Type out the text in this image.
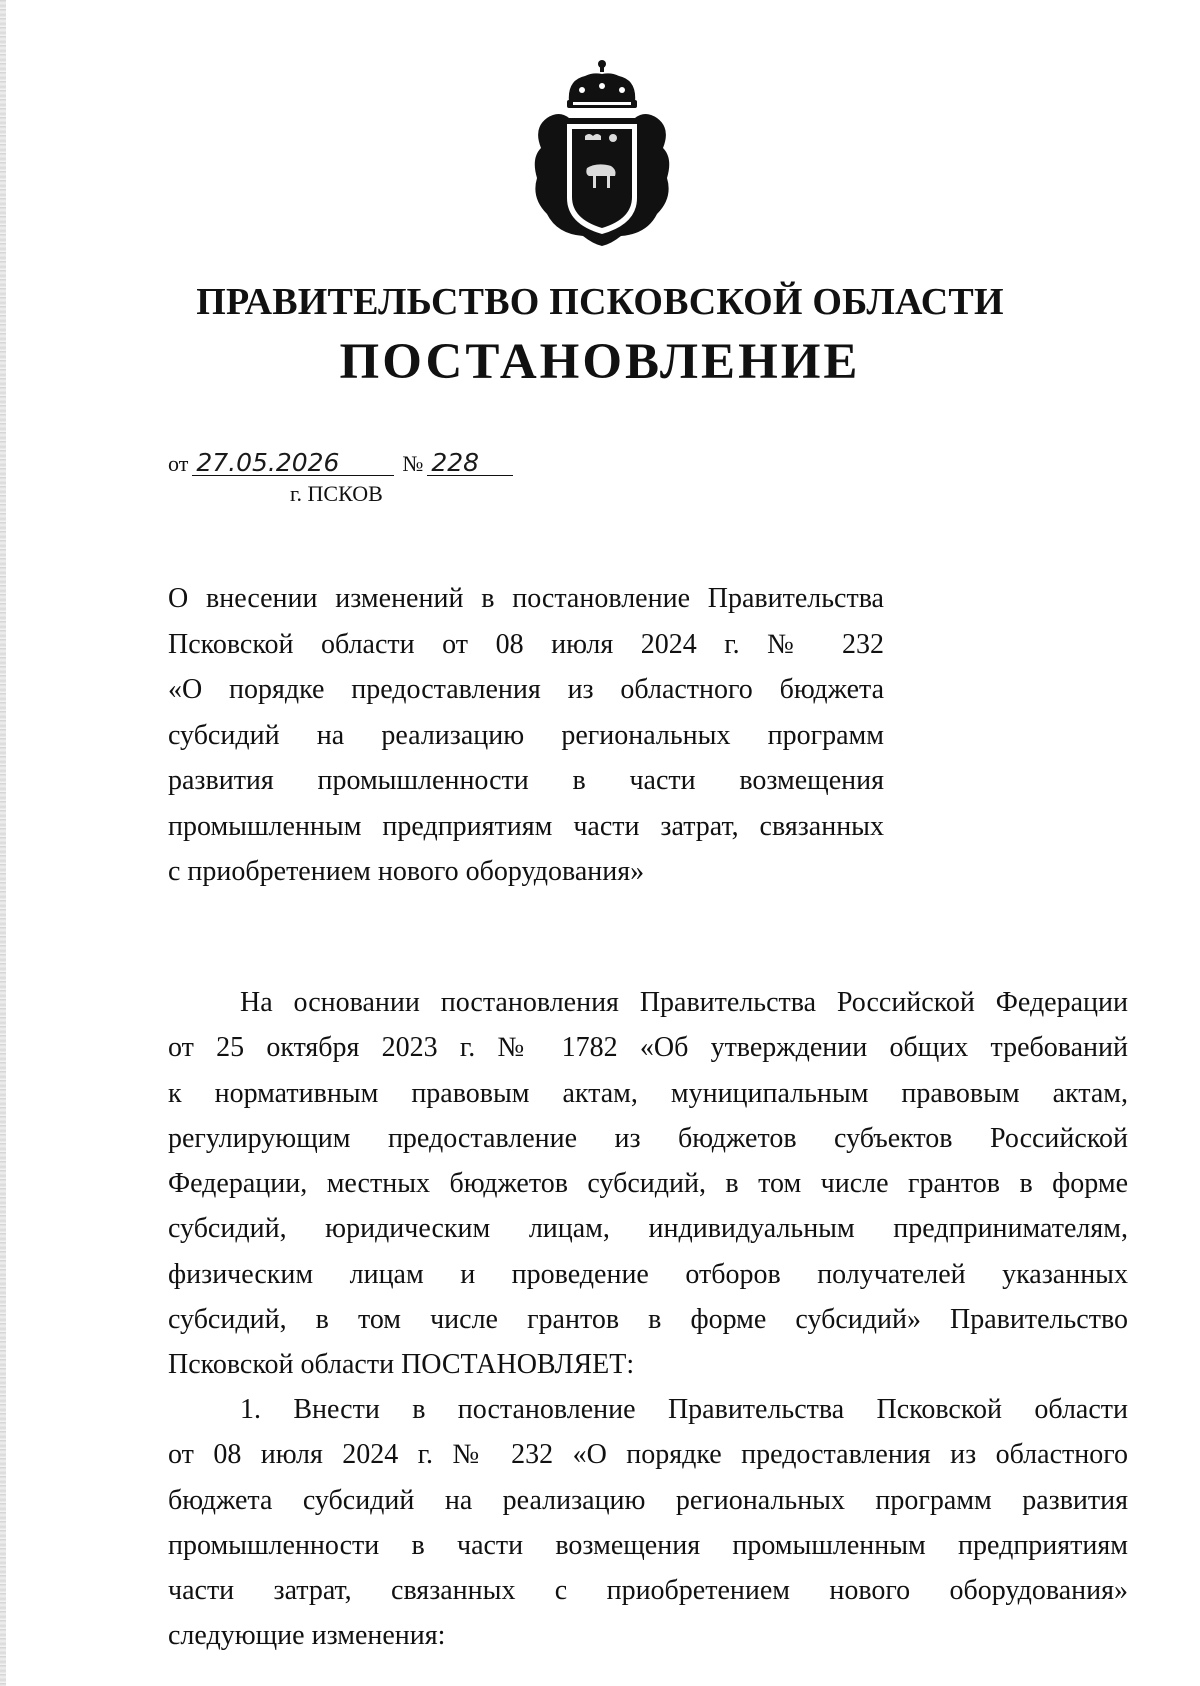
ПРАВИТЕЛЬСТВО ПСКОВСКОЙ ОБЛАСТИ
ПОСТАНОВЛЕНИЕ
от 27.05.2026	№ 228
г. ПСКОВ
О внесении изменений в постановление Правительства
Псковской области от 08 июля 2024 г. № 232
«О порядке предоставления из областного бюджета
субсидий на реализацию региональных программ
развития промышленности в части возмещения
промышленным предприятиям части затрат, связанных
с приобретением нового оборудования»
На основании постановления Правительства Российской Федерации
от 25 октября 2023 г. № 1782 «Об утверждении общих требований
к нормативным правовым актам, муниципальным правовым актам,
регулирующим предоставление из бюджетов субъектов Российской
Федерации, местных бюджетов субсидий, в том числе грантов в форме
субсидий, юридическим лицам, индивидуальным предпринимателям,
физическим лицам и проведение отборов получателей указанных
субсидий, в том числе грантов в форме субсидий» Правительство
Псковской области ПОСТАНОВЛЯЕТ:
1. Внести в постановление Правительства Псковской области
от 08 июля 2024 г. № 232 «О порядке предоставления из областного
бюджета субсидий на реализацию региональных программ развития
промышленности в части возмещения промышленным предприятиям
части затрат, связанных с приобретением нового оборудования»
следующие изменения:
